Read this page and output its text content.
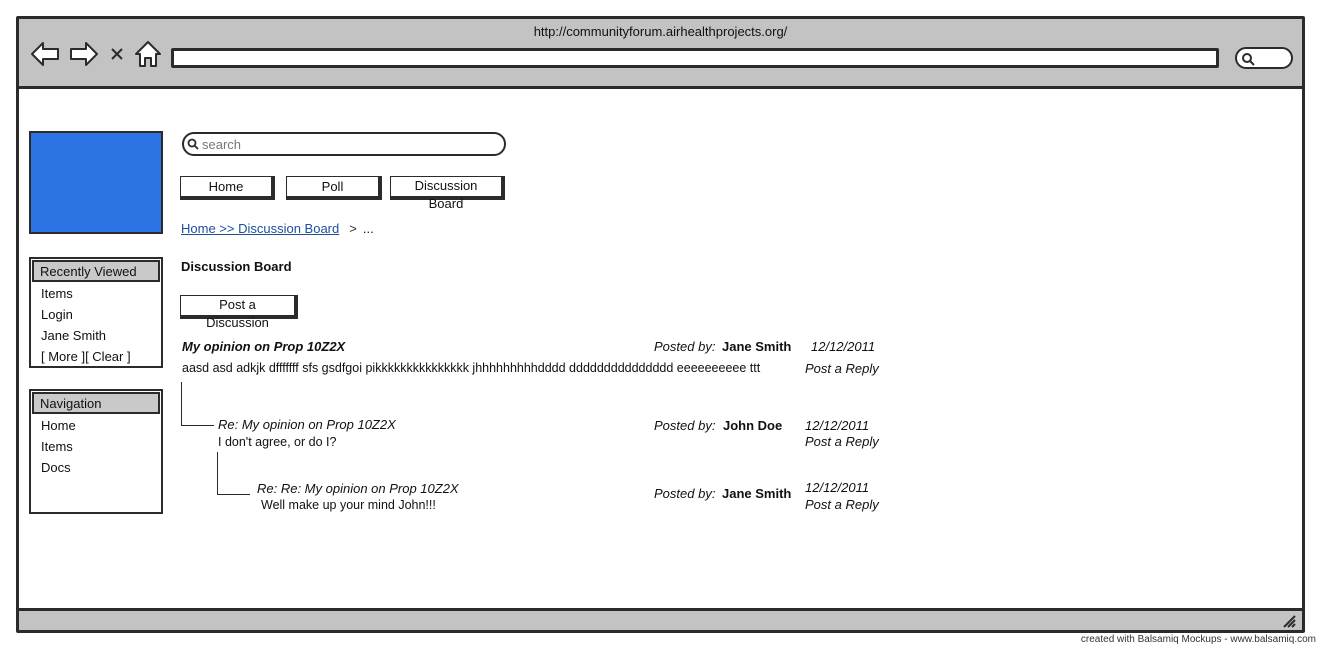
http://communityforum.airhealthprojects.org/
created with Balsamiq Mockups - www.balsamiq.com
Recently Viewed
Items
Login
Jane Smith
[ More ][ Clear ]
Navigation
Home
Items
Docs
search
Home	Poll	Discussion Board
Home >> Discussion Board > ...
Discussion Board
Post a Discussion
My opinion on Prop 10Z2X
aasd asd adkjk dfffffff sfs gsdfgoi pikkkkkkkkkkkkkkk jhhhhhhhhhdddd ddddddddddddddd eeeeeeeeee ttt
Posted by: Jane Smith 12/12/2011
Post a Reply
Re: My opinion on Prop 10Z2X
I don't agree, or do I?
Posted by: John Doe 12/12/2011
Post a Reply
Re: Re: My opinion on Prop 10Z2X
Well make up your mind John!!!
Posted by: Jane Smith 12/12/2011
Post a Reply
